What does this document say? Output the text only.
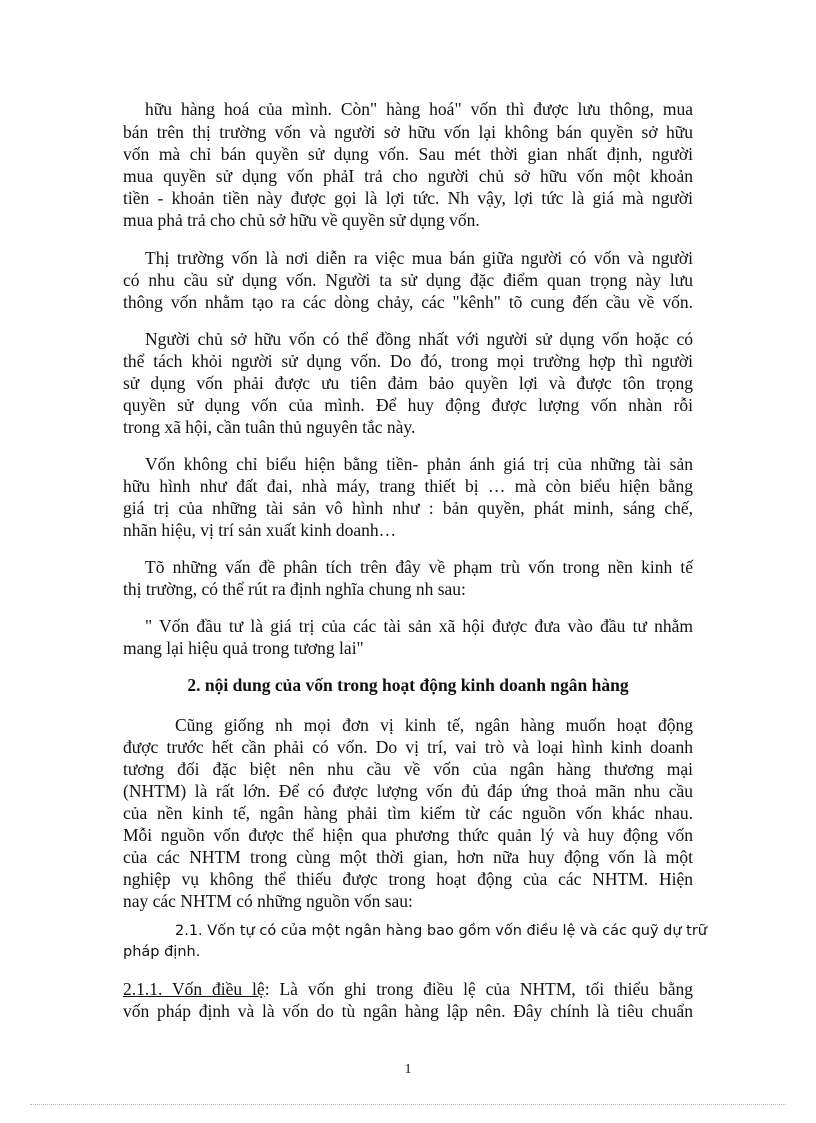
hữu hàng hoá của mình. Còn" hàng hoá" vốn thì được lưu thông, mua
bán trên thị trường vốn và người sở hữu vốn lại không bán quyền sở hữu
vốn mà chỉ bán quyền sử dụng vốn. Sau mét thời gian nhất định, người
mua quyền sử dụng vốn phảI trả cho người chủ sở hữu vốn một khoản
tiền - khoản tiền này được gọi là lợi tức. Nh vậy, lợi tức là giá mà người
mua phả trả cho chủ sở hữu về quyền sử dụng vốn.
Thị trường vốn là nơi diễn ra việc mua bán giữa người có vốn và người
có nhu cầu sử dụng vốn. Người ta sử dụng đặc điểm quan trọng này lưu
thông vốn nhằm tạo ra các dòng chảy, các "kênh" tõ cung đến cầu về vốn.
Người chủ sở hữu vốn có thể đồng nhất với người sử dụng vốn hoặc có
thể tách khỏi người sử dụng vốn. Do đó, trong mọi trường hợp thì người
sử dụng vốn phải được ưu tiên đảm bảo quyền lợi và được tôn trọng
quyền sử dụng vốn của mình. Để huy động được lượng vốn nhàn rỗi
trong xã hội, cần tuân thủ nguyên tắc này.
Vốn không chỉ biểu hiện bằng tiền- phản ánh giá trị của những tài sản
hữu hình như đất đai, nhà máy, trang thiết bị … mà còn biểu hiện bằng
giá trị của những tài sản vô hình như : bản quyền, phát minh, sáng chế,
nhãn hiệu, vị trí sản xuất kinh doanh…
Tõ những vấn đề phân tích trên đây về phạm trù vốn trong nền kinh tế
thị trường, có thể rút ra định nghĩa chung nh sau:
" Vốn đầu tư là giá trị của các tài sản xã hội được đưa vào đầu tư nhằm
mang lại hiệu quả trong tương lai"
Cũng giống nh mọi đơn vị kinh tế, ngân hàng muốn hoạt động
được trước hết cần phải có vốn. Do vị trí, vai trò và loại hình kinh doanh
tương đối đặc biệt nên nhu cầu về vốn của ngân hàng thương mại
(NHTM) là rất lớn. Để có được lượng vốn đủ đáp ứng thoả mãn nhu cầu
của nền kinh tế, ngân hàng phải tìm kiếm từ các nguồn vốn khác nhau.
Mỗi nguồn vốn được thể hiện qua phương thức quản lý và huy động vốn
của các NHTM trong cùng một thời gian, hơn nữa huy động vốn là một
nghiệp vụ không thể thiếu được trong hoạt động của các NHTM. Hiện
nay các NHTM có những nguồn vốn sau:
2.1. Vốn tự có của một ngân hàng bao gồm vốn điều lệ và các quỹ dự trữ
pháp định.
vốn pháp định và là vốn do tù ngân hàng lập nên. Đây chính là tiêu chuẩn
2. nội dung của vốn trong hoạt động kinh doanh ngân hàng
2.1.1. Vốn điều lệ: Là vốn ghi trong điều lệ của NHTM, tối thiểu bằng
1
